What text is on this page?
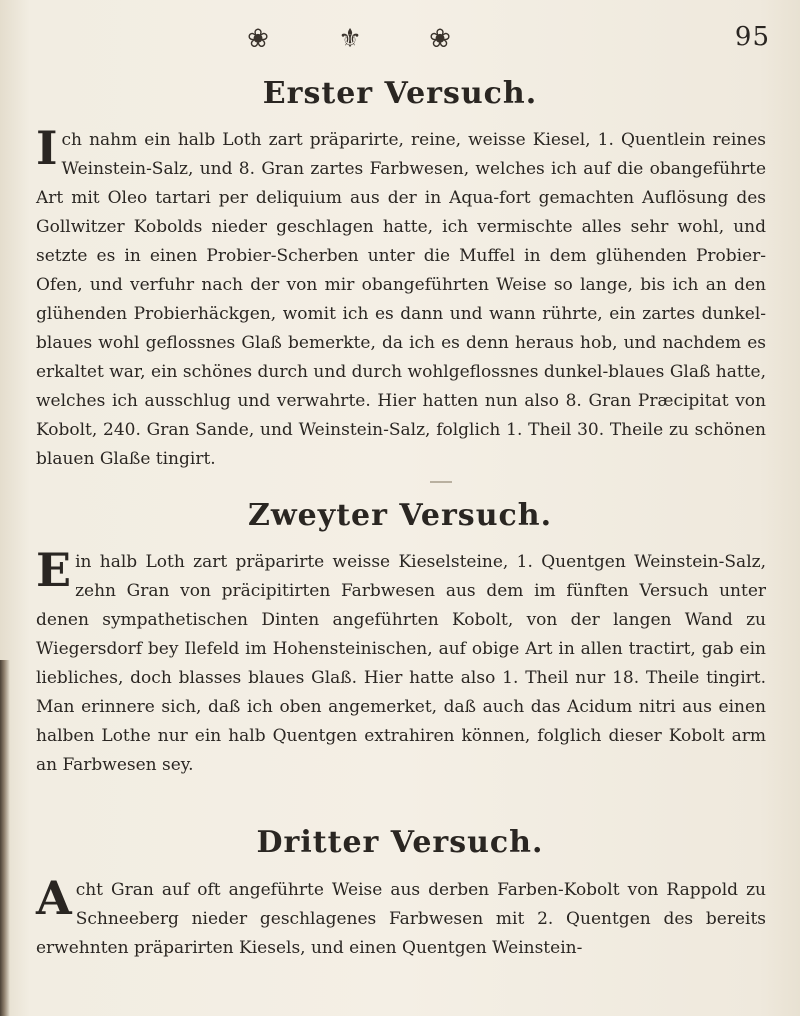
❀	⚜	❀	95
Erster Versuch.
Ich nahm ein halb Loth zart präparirte, reine, weisse Kiesel, 1. Quentlein reines Weinstein-Salz, und 8. Gran zartes Farbwesen, welches ich auf die obangeführte Art mit Oleo tartari per deliquium aus der in Aqua-fort gemachten Auflösung des Gollwitzer Kobolds nieder geschlagen hatte, ich vermischte alles sehr wohl, und setzte es in einen Probier-Scherben unter die Muffel in dem glühenden Probier-Ofen, und verfuhr nach der von mir obangeführten Weise so lange, bis ich an den glühenden Probierhäckgen, womit ich es dann und wann rührte, ein zartes dunkel-blaues wohl geflossnes Glaß bemerkte, da ich es denn heraus hob, und nachdem es erkaltet war, ein schönes durch und durch wohlgeflossnes dunkel-blaues Glaß hatte, welches ich ausschlug und verwahrte. Hier hatten nun also 8. Gran Præcipitat von Kobolt, 240. Gran Sande, und Weinstein-Salz, folglich 1. Theil 30. Theile zu schönen blauen Glaße tingirt.
Zweyter Versuch.
Ein halb Loth zart präparirte weisse Kieselsteine, 1. Quentgen Weinstein-Salz, zehn Gran von präcipitirten Farbwesen aus dem im fünften Versuch unter denen sympathetischen Dinten angeführten Kobolt, von der langen Wand zu Wiegersdorf bey Ilefeld im Hohensteinischen, auf obige Art in allen tractirt, gab ein liebliches, doch blasses blaues Glaß. Hier hatte also 1. Theil nur 18. Theile tingirt. Man erinnere sich, daß ich oben angemerket, daß auch das Acidum nitri aus einen halben Lothe nur ein halb Quentgen extrahiren können, folglich dieser Kobolt arm an Farbwesen sey.
Dritter Versuch.
Acht Gran auf oft angeführte Weise aus derben Farben-Kobolt von Rappold zu Schneeberg nieder geschlagenes Farbwesen mit 2. Quentgen des bereits erwehnten präparirten Kiesels, und einen Quentgen Weinstein-
